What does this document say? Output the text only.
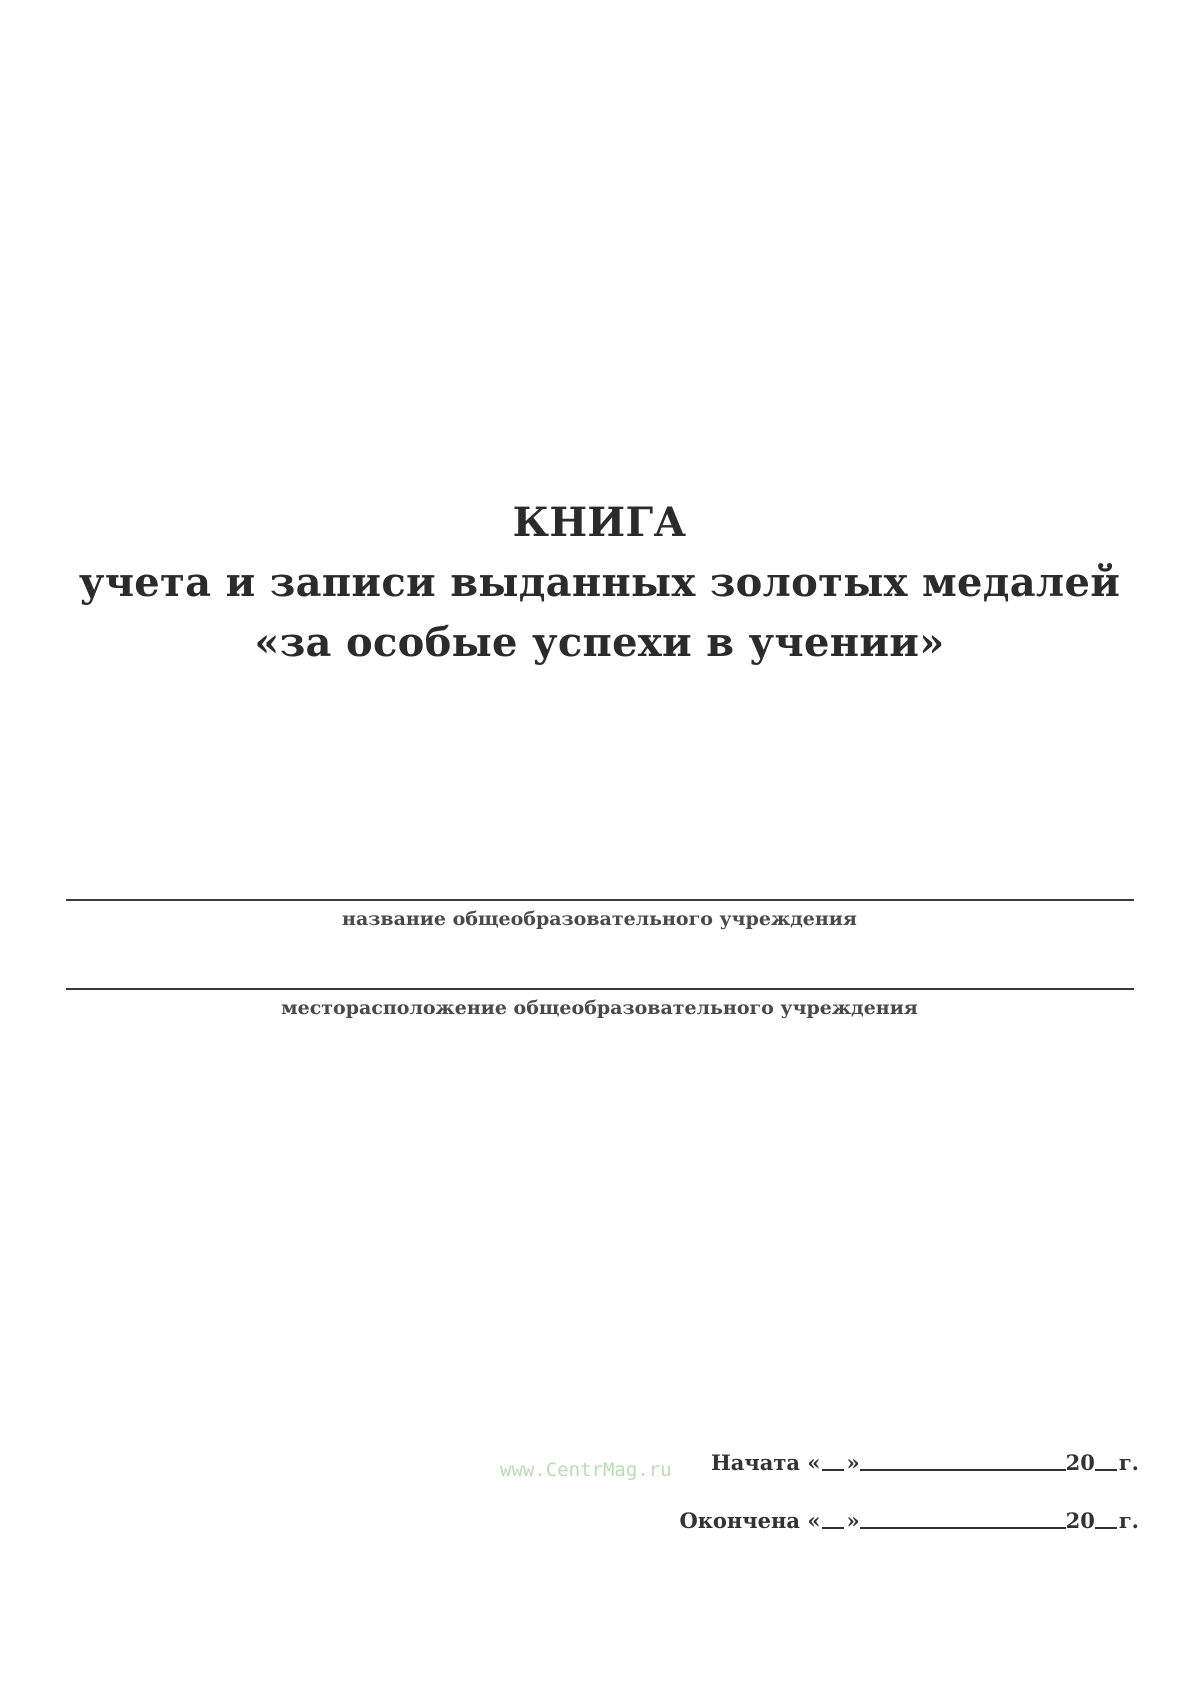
КНИГА
учета и записи выданных золотых медалей
«за особые успехи в учении»
название общеобразовательного учреждения
месторасположение общеобразовательного учреждения
www.CentrMag.ru Начата « »	20 г.
Окончена « »	20 г.
